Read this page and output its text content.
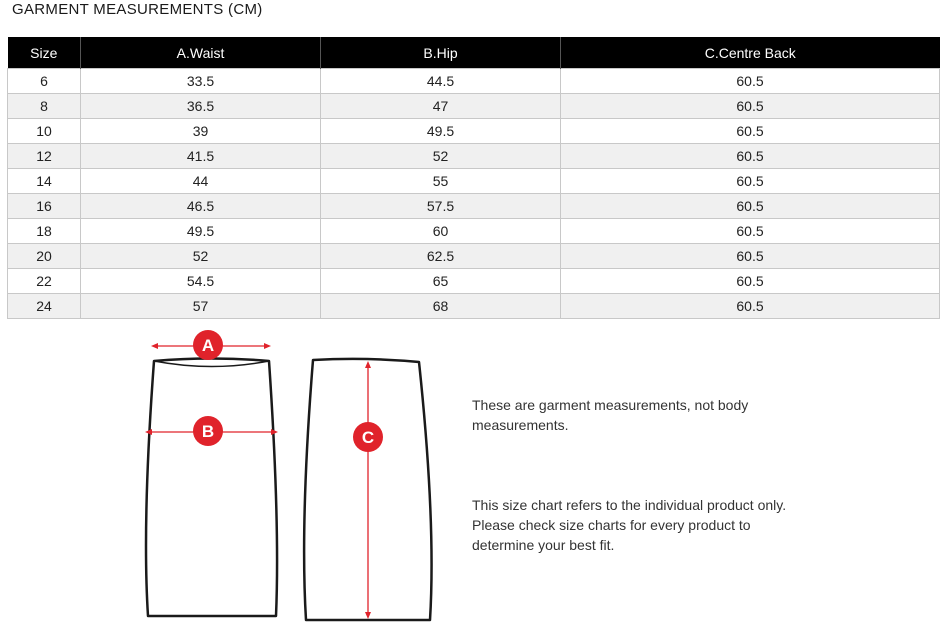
GARMENT MEASUREMENTS (CM)
Size	A.Waist	B.Hip	C.Centre Back
6	33.5	44.5	60.5
8	36.5	47	60.5
10	39	49.5	60.5
12	41.5	52	60.5
14	44	55	60.5
16	46.5	57.5	60.5
18	49.5	60	60.5
20	52	62.5	60.5
22	54.5	65	60.5
24	57	68	60.5
A
B	C
These are garment measurements, not body measurements.
This size chart refers to the individual product only. Please check size charts for every product to determine your best fit.
